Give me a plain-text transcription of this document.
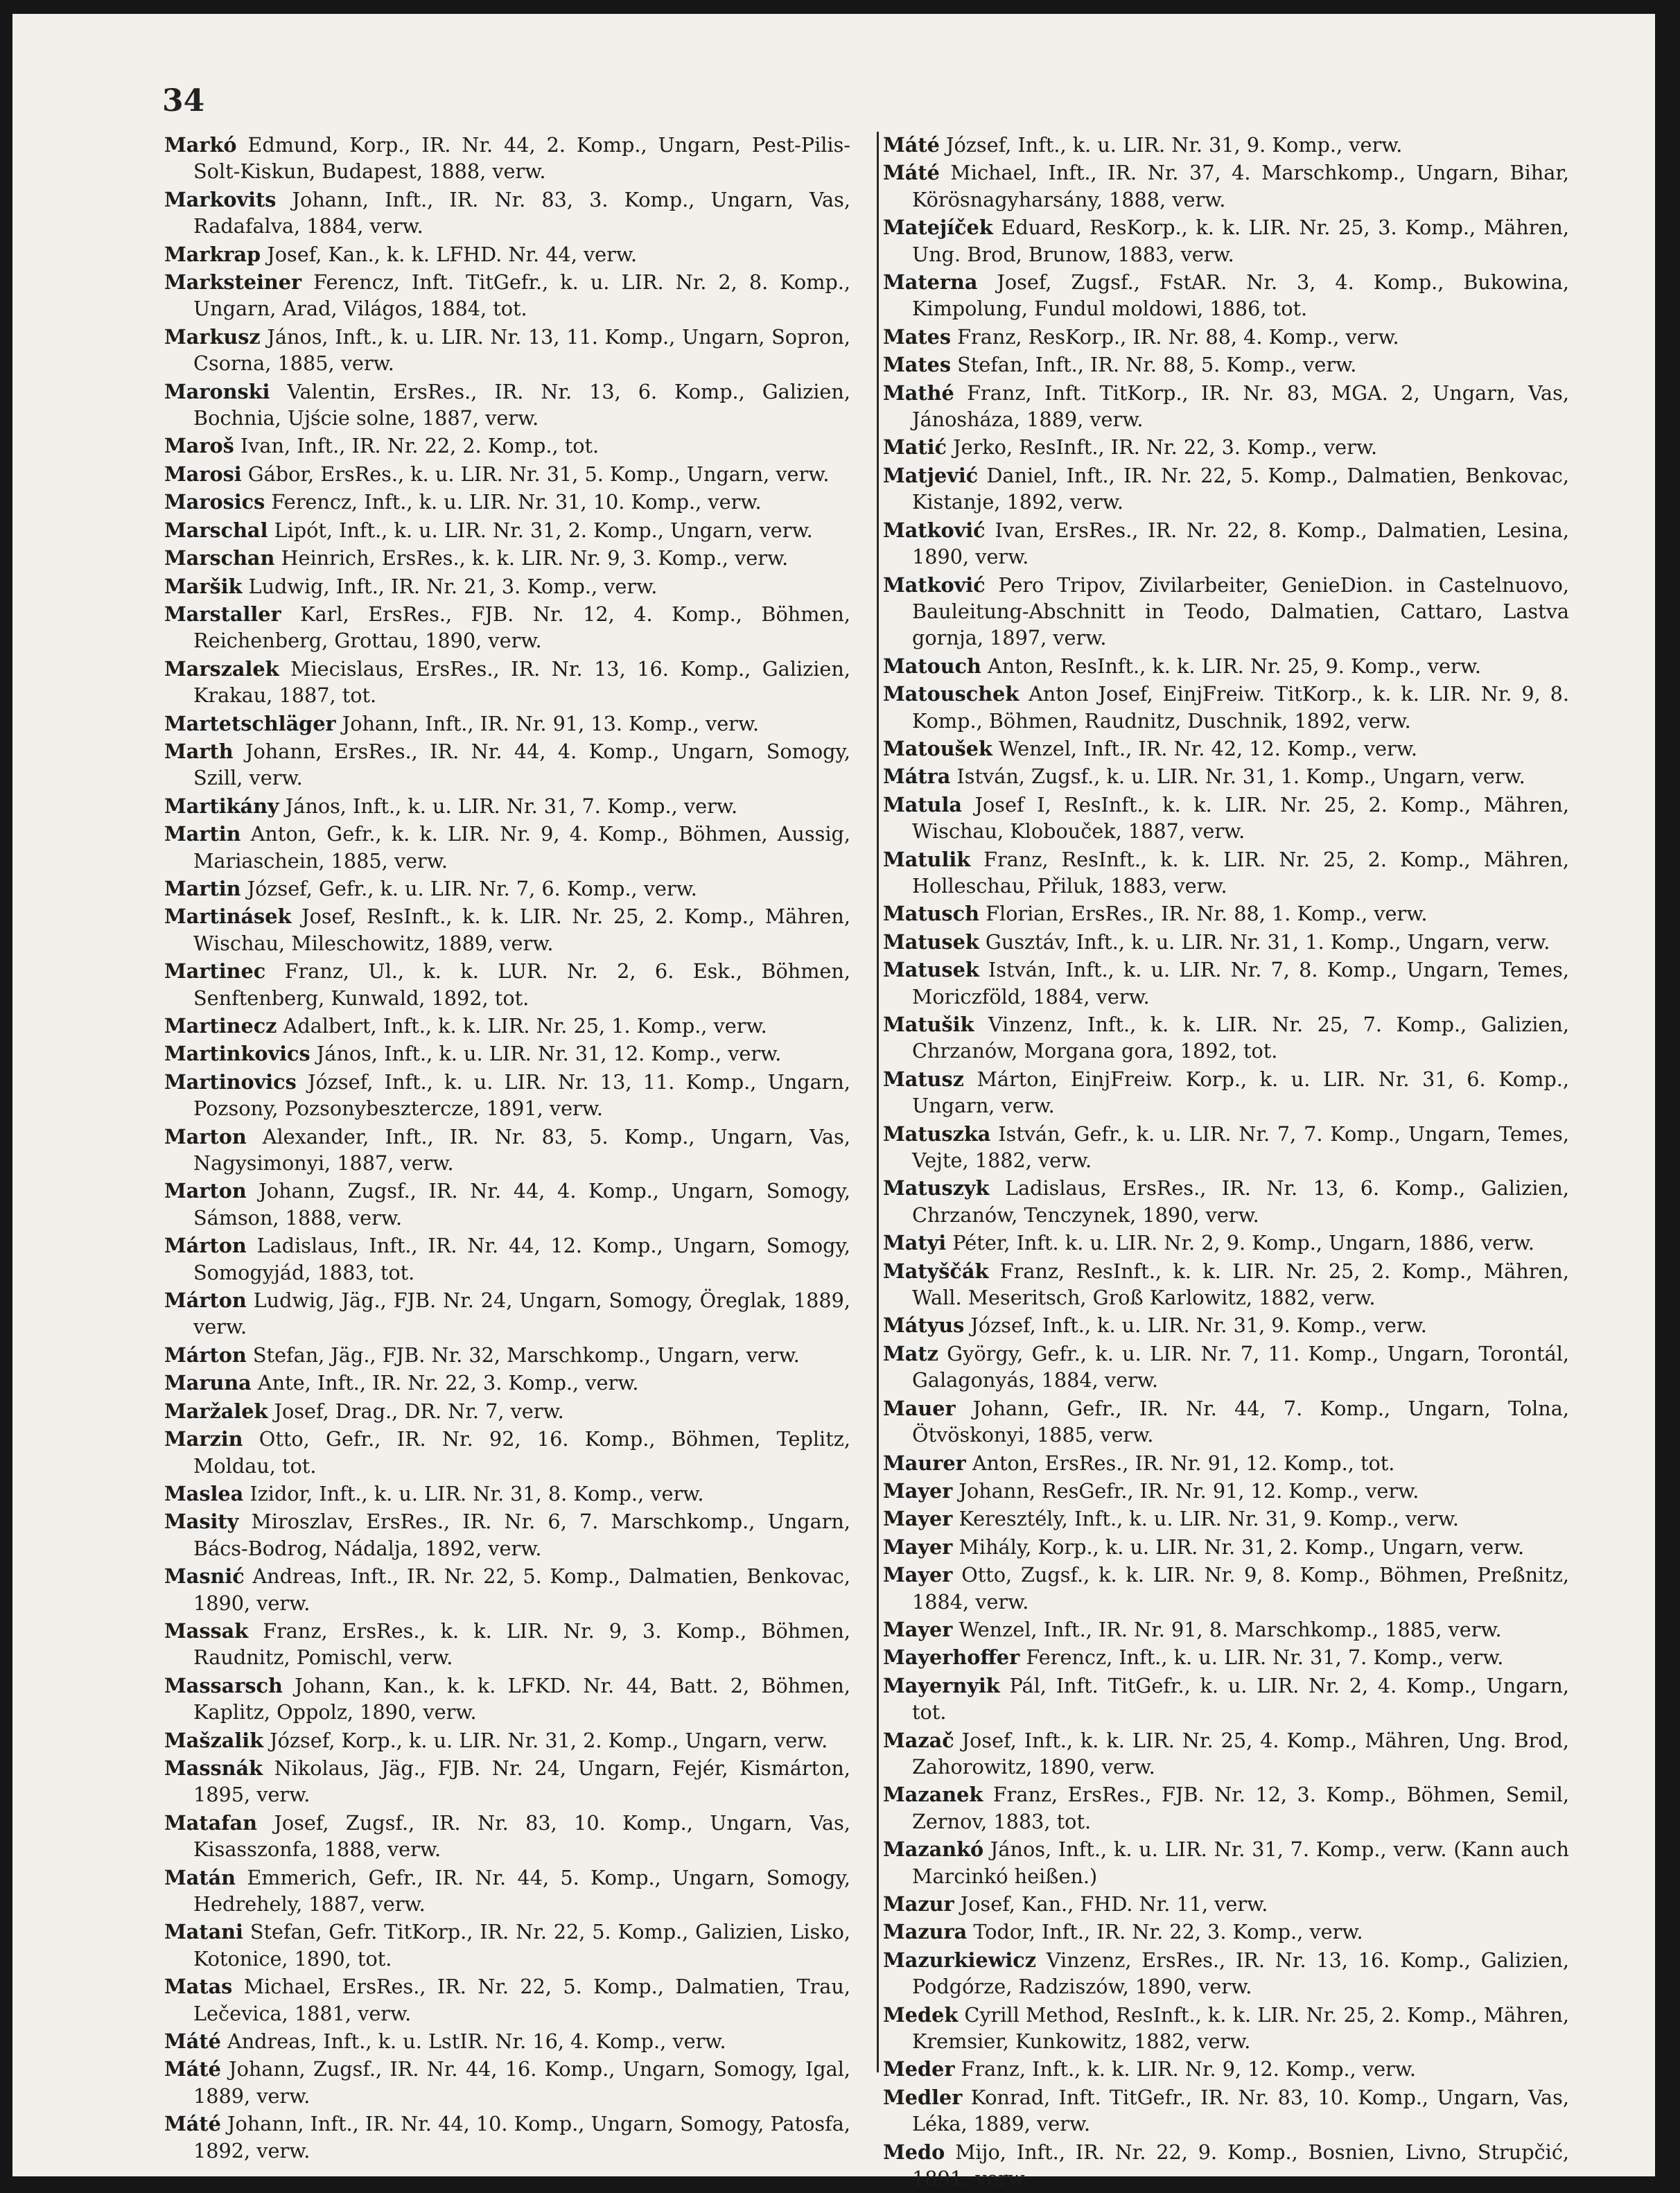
34

Markó Edmund, Korp., IR. Nr. 44, 2. Komp., Ungarn, Pest-Pilis-Solt-Kiskun, Budapest, 1888, verw.

Markovits Johann, Inft., IR. Nr. 83, 3. Komp., Ungarn, Vas, Radafalva, 1884, verw.

Markrap Josef, Kan., k. k. LFHD. Nr. 44, verw.

Marksteiner Ferencz, Inft. TitGefr., k. u. LIR. Nr. 2, 8. Komp., Ungarn, Arad, Világos, 1884, tot.

Markusz János, Inft., k. u. LIR. Nr. 13, 11. Komp., Ungarn, Sopron, Csorna, 1885, verw.

Maronski Valentin, ErsRes., IR. Nr. 13, 6. Komp., Galizien, Bochnia, Ujście solne, 1887, verw.

Maroš Ivan, Inft., IR. Nr. 22, 2. Komp., tot.

Marosi Gábor, ErsRes., k. u. LIR. Nr. 31, 5. Komp., Ungarn, verw.

Marosics Ferencz, Inft., k. u. LIR. Nr. 31, 10. Komp., verw.

Marschal Lipót, Inft., k. u. LIR. Nr. 31, 2. Komp., Ungarn, verw.

Marschan Heinrich, ErsRes., k. k. LIR. Nr. 9, 3. Komp., verw.

Maršik Ludwig, Inft., IR. Nr. 21, 3. Komp., verw.

Marstaller Karl, ErsRes., FJB. Nr. 12, 4. Komp., Böhmen, Reichenberg, Grottau, 1890, verw.

Marszalek Miecislaus, ErsRes., IR. Nr. 13, 16. Komp., Galizien, Krakau, 1887, tot.

Martetschläger Johann, Inft., IR. Nr. 91, 13. Komp., verw.

Marth Johann, ErsRes., IR. Nr. 44, 4. Komp., Ungarn, Somogy, Szill, verw.

Martikány János, Inft., k. u. LIR. Nr. 31, 7. Komp., verw.

Martin Anton, Gefr., k. k. LIR. Nr. 9, 4. Komp., Böhmen, Aussig, Mariaschein, 1885, verw.

Martin József, Gefr., k. u. LIR. Nr. 7, 6. Komp., verw.

Martinásek Josef, ResInft., k. k. LIR. Nr. 25, 2. Komp., Mähren, Wischau, Mileschowitz, 1889, verw.

Martinec Franz, Ul., k. k. LUR. Nr. 2, 6. Esk., Böhmen, Senftenberg, Kunwald, 1892, tot.

Martinecz Adalbert, Inft., k. k. LIR. Nr. 25, 1. Komp., verw.

Martinkovics János, Inft., k. u. LIR. Nr. 31, 12. Komp., verw.

Martinovics József, Inft., k. u. LIR. Nr. 13, 11. Komp., Ungarn, Pozsony, Pozsonybeszterczе, 1891, verw.

Marton Alexander, Inft., IR. Nr. 83, 5. Komp., Ungarn, Vas, Nagysimonyi, 1887, verw.

Marton Johann, Zugsf., IR. Nr. 44, 4. Komp., Ungarn, Somogy, Sámson, 1888, verw.

Márton Ladislaus, Inft., IR. Nr. 44, 12. Komp., Ungarn, Somogy, Somogyjád, 1883, tot.

Márton Ludwig, Jäg., FJB. Nr. 24, Ungarn, Somogy, Öreglak, 1889, verw.

Márton Stefan, Jäg., FJB. Nr. 32, Marschkomp., Ungarn, verw.

Maruna Ante, Inft., IR. Nr. 22, 3. Komp., verw.

Maržalek Josef, Drag., DR. Nr. 7, verw.

Marzin Otto, Gefr., IR. Nr. 92, 16. Komp., Böhmen, Teplitz, Moldau, tot.

Maslea Izidor, Inft., k. u. LIR. Nr. 31, 8. Komp., verw.

Masity Miroszlav, ErsRes., IR. Nr. 6, 7. Marschkomp., Ungarn, Bács-Bodrog, Nádalja, 1892, verw.

Masnić Andreas, Inft., IR. Nr. 22, 5. Komp., Dalmatien, Benkovac, 1890, verw.

Massak Franz, ErsRes., k. k. LIR. Nr. 9, 3. Komp., Böhmen, Raudnitz, Pomischl, verw.

Massarsch Johann, Kan., k. k. LFKD. Nr. 44, Batt. 2, Böhmen, Kaplitz, Oppolz, 1890, verw.

Mašzalik József, Korp., k. u. LIR. Nr. 31, 2. Komp., Ungarn, verw.

Massnák Nikolaus, Jäg., FJB. Nr. 24, Ungarn, Fejér, Kismárton, 1895, verw.

Matafan Josef, Zugsf., IR. Nr. 83, 10. Komp., Ungarn, Vas, Kisasszonfa, 1888, verw.

Matán Emmerich, Gefr., IR. Nr. 44, 5. Komp., Ungarn, Somogy, Hedrehely, 1887, verw.

Matani Stefan, Gefr. TitKorp., IR. Nr. 22, 5. Komp., Galizien, Lisko, Kotonice, 1890, tot.

Matas Michael, ErsRes., IR. Nr. 22, 5. Komp., Dalmatien, Trau, Lečevica, 1881, verw.

Máté Andreas, Inft., k. u. LstIR. Nr. 16, 4. Komp., verw.

Máté Johann, Zugsf., IR. Nr. 44, 16. Komp., Ungarn, Somogy, Igal, 1889, verw.

Máté Johann, Inft., IR. Nr. 44, 10. Komp., Ungarn, Somogy, Patosfa, 1892, verw.

Máté József, Inft., k. u. LIR. Nr. 31, 9. Komp., verw.

Máté Michael, Inft., IR. Nr. 37, 4. Marschkomp., Ungarn, Bihar, Körösnagyharsány, 1888, verw.

Matejíček Eduard, ResKorp., k. k. LIR. Nr. 25, 3. Komp., Mähren, Ung. Brod, Brunow, 1883, verw.

Materna Josef, Zugsf., FstAR. Nr. 3, 4. Komp., Bukowina, Kimpolung, Fundul moldowi, 1886, tot.

Mates Franz, ResKorp., IR. Nr. 88, 4. Komp., verw.

Mates Stefan, Inft., IR. Nr. 88, 5. Komp., verw.

Mathé Franz, Inft. TitKorp., IR. Nr. 83, MGA. 2, Ungarn, Vas, Jánosháza, 1889, verw.

Matić Jerko, ResInft., IR. Nr. 22, 3. Komp., verw.

Matjević Daniel, Inft., IR. Nr. 22, 5. Komp., Dalmatien, Benkovac, Kistanje, 1892, verw.

Matković Ivan, ErsRes., IR. Nr. 22, 8. Komp., Dalmatien, Lesina, 1890, verw.

Matković Pero Tripov, Zivilarbeiter, GenieDion. in Castelnuovo, Bauleitung-Abschnitt in Teodo, Dalmatien, Cattaro, Lastva gornja, 1897, verw.

Matouch Anton, ResInft., k. k. LIR. Nr. 25, 9. Komp., verw.

Matouschek Anton Josef, EinjFreiw. TitKorp., k. k. LIR. Nr. 9, 8. Komp., Böhmen, Raudnitz, Duschnik, 1892, verw.

Matoušek Wenzel, Inft., IR. Nr. 42, 12. Komp., verw.

Mátra István, Zugsf., k. u. LIR. Nr. 31, 1. Komp., Ungarn, verw.

Matula Josef I, ResInft., k. k. LIR. Nr. 25, 2. Komp., Mähren, Wischau, Klobouček, 1887, verw.

Matulik Franz, ResInft., k. k. LIR. Nr. 25, 2. Komp., Mähren, Holleschau, Přiluk, 1883, verw.

Matusch Florian, ErsRes., IR. Nr. 88, 1. Komp., verw.

Matusek Gusztáv, Inft., k. u. LIR. Nr. 31, 1. Komp., Ungarn, verw.

Matusek István, Inft., k. u. LIR. Nr. 7, 8. Komp., Ungarn, Temes, Moriczföld, 1884, verw.

Matušik Vinzenz, Inft., k. k. LIR. Nr. 25, 7. Komp., Galizien, Chrzanów, Morgana gora, 1892, tot.

Matusz Márton, EinjFreiw. Korp., k. u. LIR. Nr. 31, 6. Komp., Ungarn, verw.

Matuszka István, Gefr., k. u. LIR. Nr. 7, 7. Komp., Ungarn, Temes, Vejte, 1882, verw.

Matuszyk Ladislaus, ErsRes., IR. Nr. 13, 6. Komp., Galizien, Chrzanów, Tenczynek, 1890, verw.

Matyi Péter, Inft. k. u. LIR. Nr. 2, 9. Komp., Ungarn, 1886, verw.

Matyščák Franz, ResInft., k. k. LIR. Nr. 25, 2. Komp., Mähren, Wall. Meseritsch, Groß Karlowitz, 1882, verw.

Mátyus József, Inft., k. u. LIR. Nr. 31, 9. Komp., verw.

Matz György, Gefr., k. u. LIR. Nr. 7, 11. Komp., Ungarn, Torontál, Galagonyás, 1884, verw.

Mauer Johann, Gefr., IR. Nr. 44, 7. Komp., Ungarn, Tolna, Ötvöskonyi, 1885, verw.

Maurer Anton, ErsRes., IR. Nr. 91, 12. Komp., tot.

Mayer Johann, ResGefr., IR. Nr. 91, 12. Komp., verw.

Mayer Keresztély, Inft., k. u. LIR. Nr. 31, 9. Komp., verw.

Mayer Mihály, Korp., k. u. LIR. Nr. 31, 2. Komp., Ungarn, verw.

Mayer Otto, Zugsf., k. k. LIR. Nr. 9, 8. Komp., Böhmen, Preßnitz, 1884, verw.

Mayer Wenzel, Inft., IR. Nr. 91, 8. Marschkomp., 1885, verw.

Mayerhoffer Ferencz, Inft., k. u. LIR. Nr. 31, 7. Komp., verw.

Mayernyik Pál, Inft. TitGefr., k. u. LIR. Nr. 2, 4. Komp., Ungarn, tot.

Mazač Josef, Inft., k. k. LIR. Nr. 25, 4. Komp., Mähren, Ung. Brod, Zahorowitz, 1890, verw.

Mazanek Franz, ErsRes., FJB. Nr. 12, 3. Komp., Böhmen, Semil, Zernov, 1883, tot.

Mazankó János, Inft., k. u. LIR. Nr. 31, 7. Komp., verw. (Kann auch Marcinkó heißen.)

Mazur Josef, Kan., FHD. Nr. 11, verw.

Mazura Todor, Inft., IR. Nr. 22, 3. Komp., verw.

Mazurkiewicz Vinzenz, ErsRes., IR. Nr. 13, 16. Komp., Galizien, Podgórze, Radziszów, 1890, verw.

Medek Cyrill Method, ResInft., k. k. LIR. Nr. 25, 2. Komp., Mähren, Kremsier, Kunkowitz, 1882, verw.

Meder Franz, Inft., k. k. LIR. Nr. 9, 12. Komp., verw.

Medler Konrad, Inft. TitGefr., IR. Nr. 83, 10. Komp., Ungarn, Vas, Léka, 1889, verw.

Medo Mijo, Inft., IR. Nr. 22, 9. Komp., Bosnien, Livno, Strupčić, 1891, verw.
